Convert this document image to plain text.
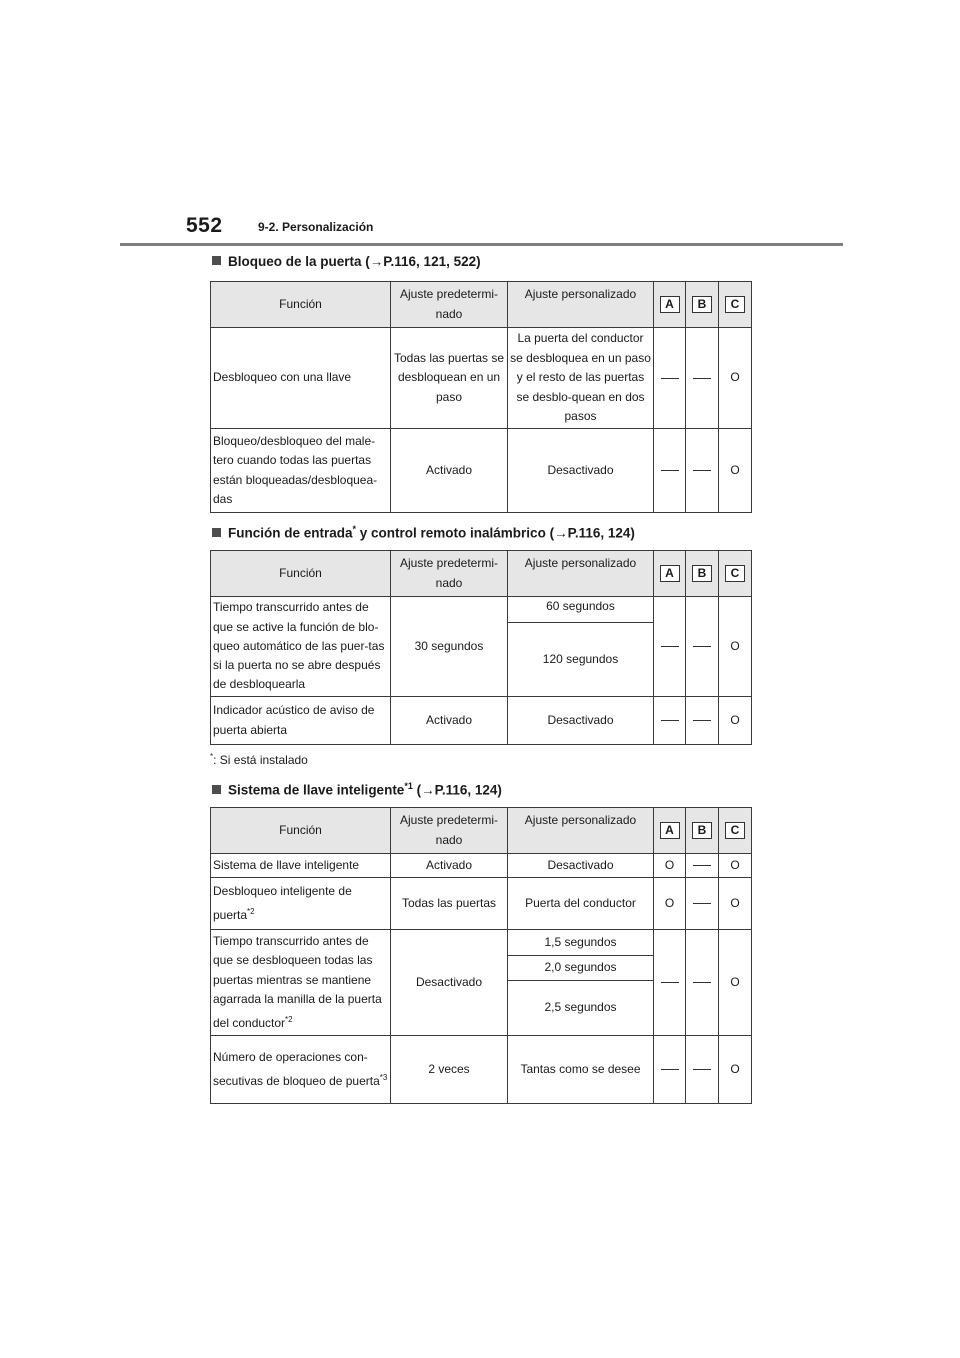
552	9-2. Personalización
Bloqueo de la puerta (→P.116, 121, 522)
Función	Ajuste predetermi-nado	Ajuste personalizado	A	B	C
Desbloqueo con una llave	Todas las puertas se desbloquean en un paso	La puerta del conductor se desbloquea en un paso y el resto de las puertas se desblo-quean en dos pasos			O
Bloqueo/desbloqueo del male-tero cuando todas las puertas están bloqueadas/desbloquea-das	Activado	Desactivado			O
Función de entrada* y control remoto inalámbrico (→P.116, 124)
Función	Ajuste predetermi-nado	Ajuste personalizado	A	B	C
Tiempo transcurrido antes de que se active la función de blo-queo automático de las puer-tas si la puerta no se abre después de desbloquearla	30 segundos	60 segundos			O
		120 segundos			
Indicador acústico de aviso de puerta abierta	Activado	Desactivado			O
*: Si está instalado
Sistema de llave inteligente$^{*1}$ (→P.116, 124)
Función	Ajuste predetermi-nado	Ajuste personalizado	A	B	C
Sistema de llave inteligente	Activado	Desactivado	O		O
Desbloqueo inteligente de puerta$^{*2}$	Todas las puertas	Puerta del conductor	O		O
Tiempo transcurrido antes de que se desbloqueen todas las puertas mientras se mantiene agarrada la manilla de la puerta del conductor$^{*2}$	Desactivado	1,5 segundos			O
		2,0 segundos			
		2,5 segundos			
Número de operaciones con-secutivas de bloqueo de puerta$^{*3}$	2 veces	Tantas como se desee			O
